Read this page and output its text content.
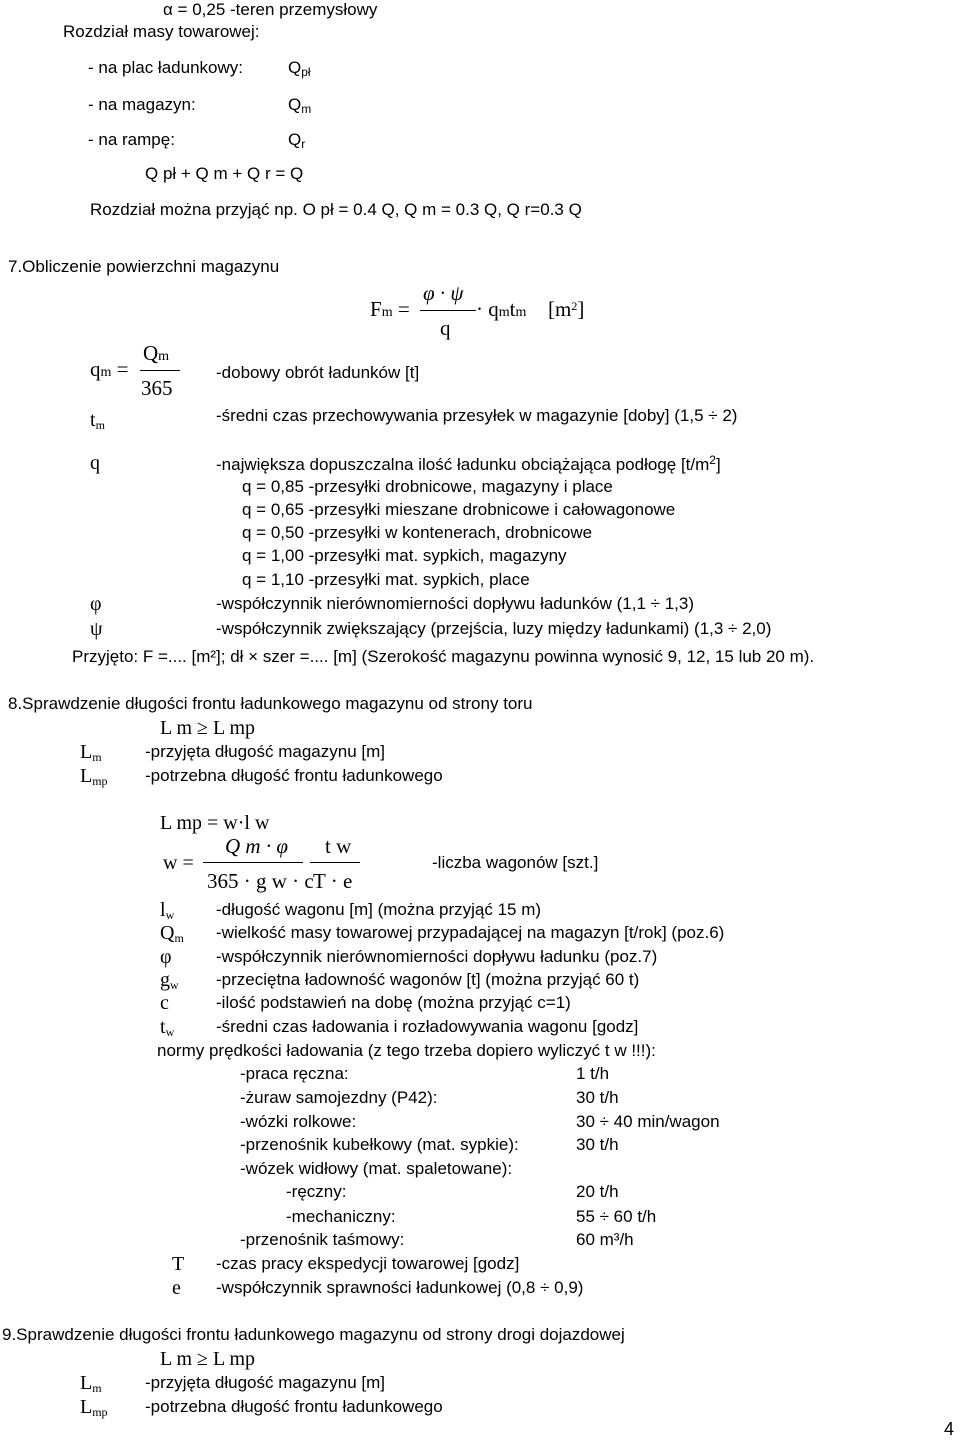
α = 0,25 -teren przemysłowy
Rozdział masy towarowej:
- na plac ładunkowy:	$Q_{pł}$
- na magazyn:	$Q_m$
- na rampę:	$Q_r$
Q pł + Q m + Q r = Q
Rozdział można przyjąć np. O pł = 0.4 Q, Q m = 0.3 Q, Q r=0.3 Q
7.Obliczenie powierzchni magazynu
Fm =
φ · ψ
q
· qmtm $[m^2]$
qm =
Qm
365
-dobowy obrót ładunków [t]
$t_m$	-średni czas przechowywania przesyłek w magazynie [doby] (1,5 ÷ 2)
q	-największa dopuszczalna ilość ładunku obciążająca podłogę $[t/m^2]$
q = 0,85 -przesyłki drobnicowe, magazyny i place
q = 0,65 -przesyłki mieszane drobnicowe i całowagonowe
q = 0,50 -przesyłki w kontenerach, drobnicowe
q = 1,00 -przesyłki mat. sypkich, magazyny
q = 1,10 -przesyłki mat. sypkich, place
φ	-współczynnik nierównomierności dopływu ładunków (1,1 ÷ 1,3)
ψ	-współczynnik zwiększający (przejścia, luzy między ładunkami) (1,3 ÷ 2,0)
Przyjęto: F =.... [m²]; dł × szer =.... [m] (Szerokość magazynu powinna wynosić 9, 12, 15 lub 20 m).
8.Sprawdzenie długości frontu ładunkowego magazynu od strony toru
L m ≥ L mp
$L_m$	-przyjęta długość magazynu [m]
$L_{mp}$ -potrzebna długość frontu ładunkowego
L mp = w·l w
w =
Q m · φ
365 · g w · c
t w
T · e
-liczba wagonów [szt.]
$l_w$ -długość wagonu [m] (można przyjąć 15 m)
$Q_m$ -wielkość masy towarowej przypadającej na magazyn [t/rok] (poz.6)
φ	-współczynnik nierównomierności dopływu ładunku (poz.7)
$g_w$ -przeciętna ładowność wagonów [t] (można przyjąć 60 t)
c	-ilość podstawień na dobę (można przyjąć c=1)
$t_w$ -średni czas ładowania i rozładowywania wagonu [godz]
normy prędkości ładowania (z tego trzeba dopiero wyliczyć t w !!!):
-praca ręczna:	1 t/h
-żuraw samojezdny (P42):	30 t/h
-wózki rolkowe:	30 ÷ 40 min/wagon
-przenośnik kubełkowy (mat. sypkie):	30 t/h
-wózek widłowy (mat. spaletowane):
-ręczny:	20 t/h
-mechaniczny:	55 ÷ 60 t/h
-przenośnik taśmowy:	60 m³/h
T -czas pracy ekspedycji towarowej [godz]
e -współczynnik sprawności ładunkowej (0,8 ÷ 0,9)
9.Sprawdzenie długości frontu ładunkowego magazynu od strony drogi dojazdowej
L m ≥ L mp
$L_m$	-przyjęta długość magazynu [m]
$L_{mp}$ -potrzebna długość frontu ładunkowego
4
